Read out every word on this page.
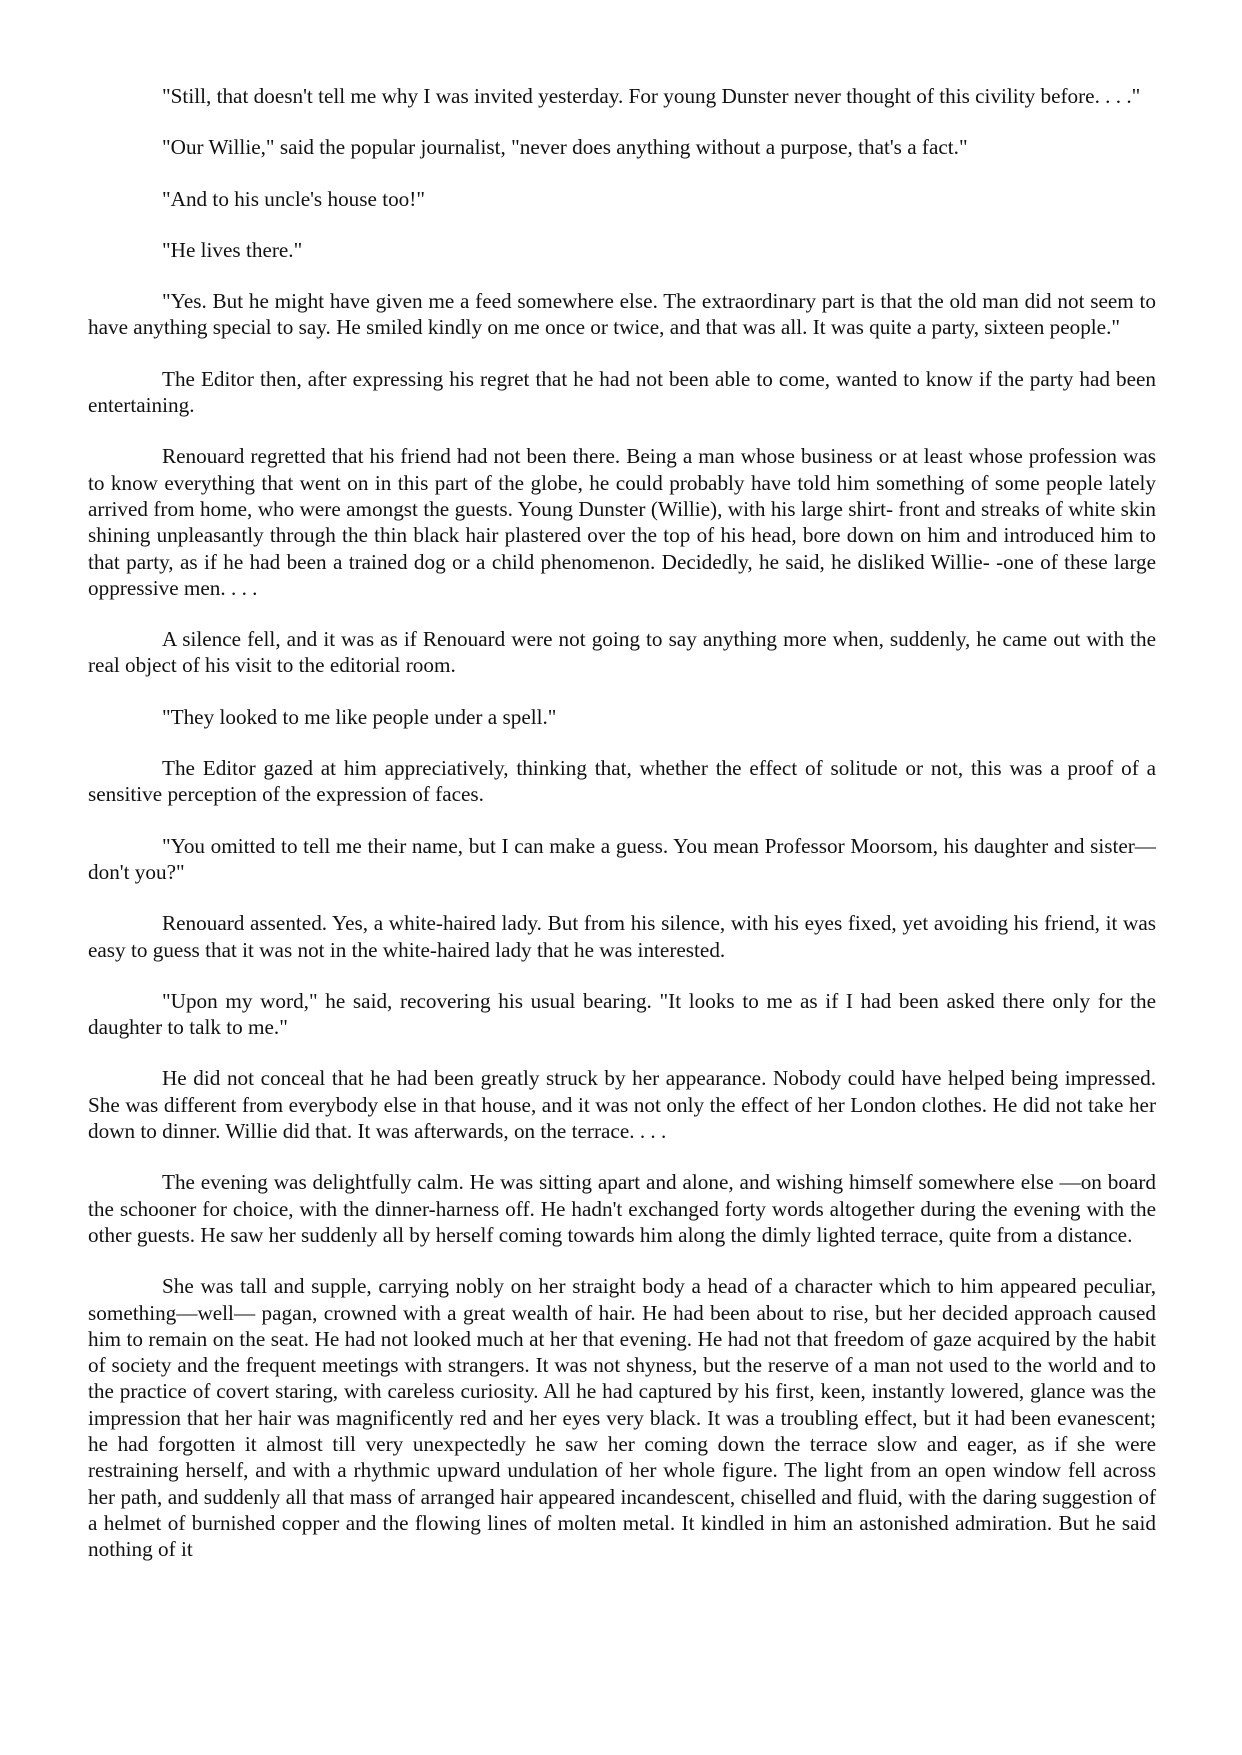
"Still, that doesn't tell me why I was invited yesterday. For young Dunster never thought of this civility before. . . ."

"Our Willie," said the popular journalist, "never does anything without a purpose, that's a fact."

"And to his uncle's house too!"

"He lives there."

"Yes. But he might have given me a feed somewhere else. The extraordinary part is that the old man did not seem to have anything special to say. He smiled kindly on me once or twice, and that was all. It was quite a party, sixteen people."

The Editor then, after expressing his regret that he had not been able to come, wanted to know if the party had been entertaining.

Renouard regretted that his friend had not been there. Being a man whose business or at least whose profession was to know everything that went on in this part of the globe, he could probably have told him something of some people lately arrived from home, who were amongst the guests. Young Dunster (Willie), with his large shirt- front and streaks of white skin shining unpleasantly through the thin black hair plastered over the top of his head, bore down on him and introduced him to that party, as if he had been a trained dog or a child phenomenon. Decidedly, he said, he disliked Willie- -one of these large oppressive men. . . .

A silence fell, and it was as if Renouard were not going to say anything more when, suddenly, he came out with the real object of his visit to the editorial room.

"They looked to me like people under a spell."

The Editor gazed at him appreciatively, thinking that, whether the effect of solitude or not, this was a proof of a sensitive perception of the expression of faces.

"You omitted to tell me their name, but I can make a guess. You mean Professor Moorsom, his daughter and sister—don't you?"

Renouard assented. Yes, a white-haired lady. But from his silence, with his eyes fixed, yet avoiding his friend, it was easy to guess that it was not in the white-haired lady that he was interested.

"Upon my word," he said, recovering his usual bearing. "It looks to me as if I had been asked there only for the daughter to talk to me."

He did not conceal that he had been greatly struck by her appearance. Nobody could have helped being impressed. She was different from everybody else in that house, and it was not only the effect of her London clothes. He did not take her down to dinner. Willie did that. It was afterwards, on the terrace. . . .

The evening was delightfully calm. He was sitting apart and alone, and wishing himself somewhere else —on board the schooner for choice, with the dinner-harness off. He hadn't exchanged forty words altogether during the evening with the other guests. He saw her suddenly all by herself coming towards him along the dimly lighted terrace, quite from a distance.

She was tall and supple, carrying nobly on her straight body a head of a character which to him appeared peculiar, something—well— pagan, crowned with a great wealth of hair. He had been about to rise, but her decided approach caused him to remain on the seat. He had not looked much at her that evening. He had not that freedom of gaze acquired by the habit of society and the frequent meetings with strangers. It was not shyness, but the reserve of a man not used to the world and to the practice of covert staring, with careless curiosity. All he had captured by his first, keen, instantly lowered, glance was the impression that her hair was magnificently red and her eyes very black. It was a troubling effect, but it had been evanescent; he had forgotten it almost till very unexpectedly he saw her coming down the terrace slow and eager, as if she were restraining herself, and with a rhythmic upward undulation of her whole figure. The light from an open window fell across her path, and suddenly all that mass of arranged hair appeared incandescent, chiselled and fluid, with the daring suggestion of a helmet of burnished copper and the flowing lines of molten metal. It kindled in him an astonished admiration. But he said nothing of it
